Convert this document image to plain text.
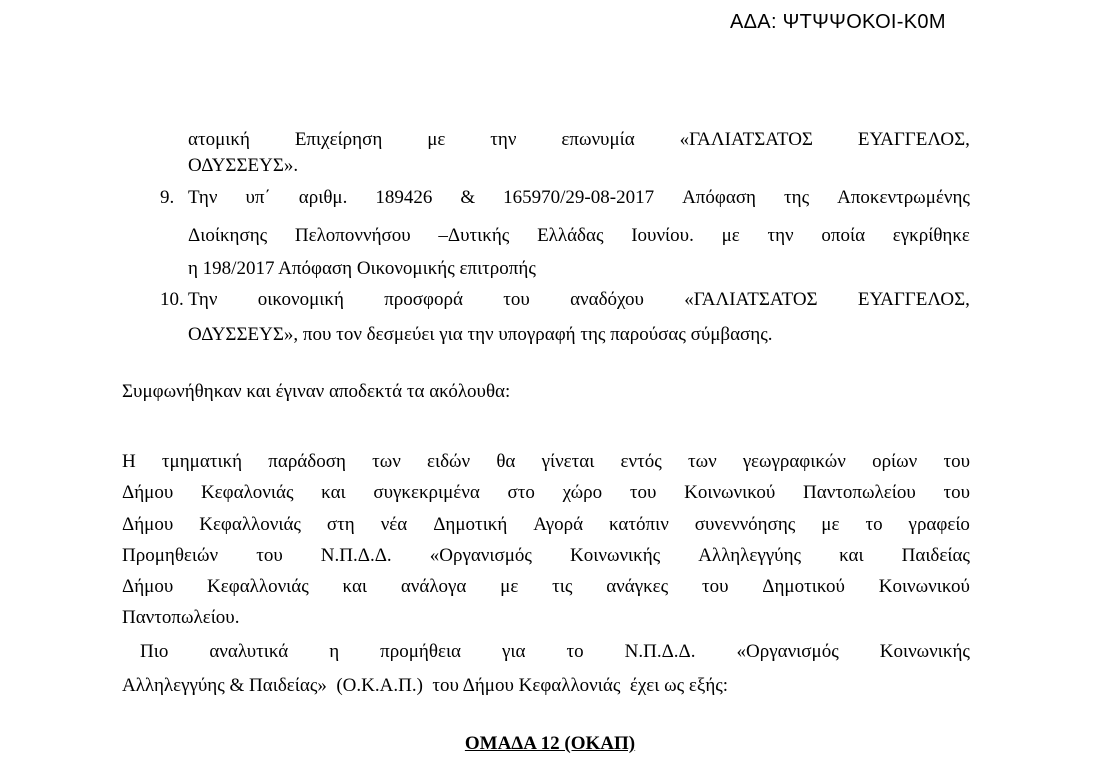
ΑΔΑ: ΨΤΨΨΟΚΟΙ-Κ0Μ
ατομική Επιχείρηση με την επωνυμία «ΓΑΛΙΑΤΣΑΤΟΣ ΕΥΑΓΓΕΛΟΣ,
ΟΔΥΣΣΕΥΣ».
9. Την υπ΄ αριθμ. 189426 & 165970/29-08-2017 Απόφαση της Αποκεντρωμένης
Διοίκησης Πελοποννήσου –Δυτικής Ελλάδας Ιουνίου. με την οποία εγκρίθηκε
η 198/2017 Απόφαση Οικονομικής επιτροπής
10. Την οικονομική προσφορά του αναδόχου «ΓΑΛΙΑΤΣΑΤΟΣ ΕΥΑΓΓΕΛΟΣ,
ΟΔΥΣΣΕΥΣ», που τον δεσμεύει για την υπογραφή της παρούσας σύμβασης.
Συμφωνήθηκαν και έγιναν αποδεκτά τα ακόλουθα:
Η τμηματική παράδοση των ειδών θα γίνεται εντός των γεωγραφικών ορίων του
Δήμου Κεφαλονιάς και συγκεκριμένα στο χώρο του Κοινωνικού Παντοπωλείου του
Δήμου Κεφαλλονιάς στη νέα Δημοτική Αγορά κατόπιν συνεννόησης με το γραφείο
Προμηθειών του Ν.Π.Δ.Δ. «Οργανισμός Κοινωνικής Αλληλεγγύης και Παιδείας
Δήμου Κεφαλλονιάς και ανάλογα με τις ανάγκες του Δημοτικού Κοινωνικού
Παντοπωλείου.
Πιο αναλυτικά η προμήθεια για το Ν.Π.Δ.Δ. «Οργανισμός Κοινωνικής
Αλληλεγγύης & Παιδείας»  (Ο.Κ.Α.Π.)  του Δήμου Κεφαλλονιάς  έχει ως εξής:
ΟΜΑΔΑ 12 (ΟΚΑΠ)
